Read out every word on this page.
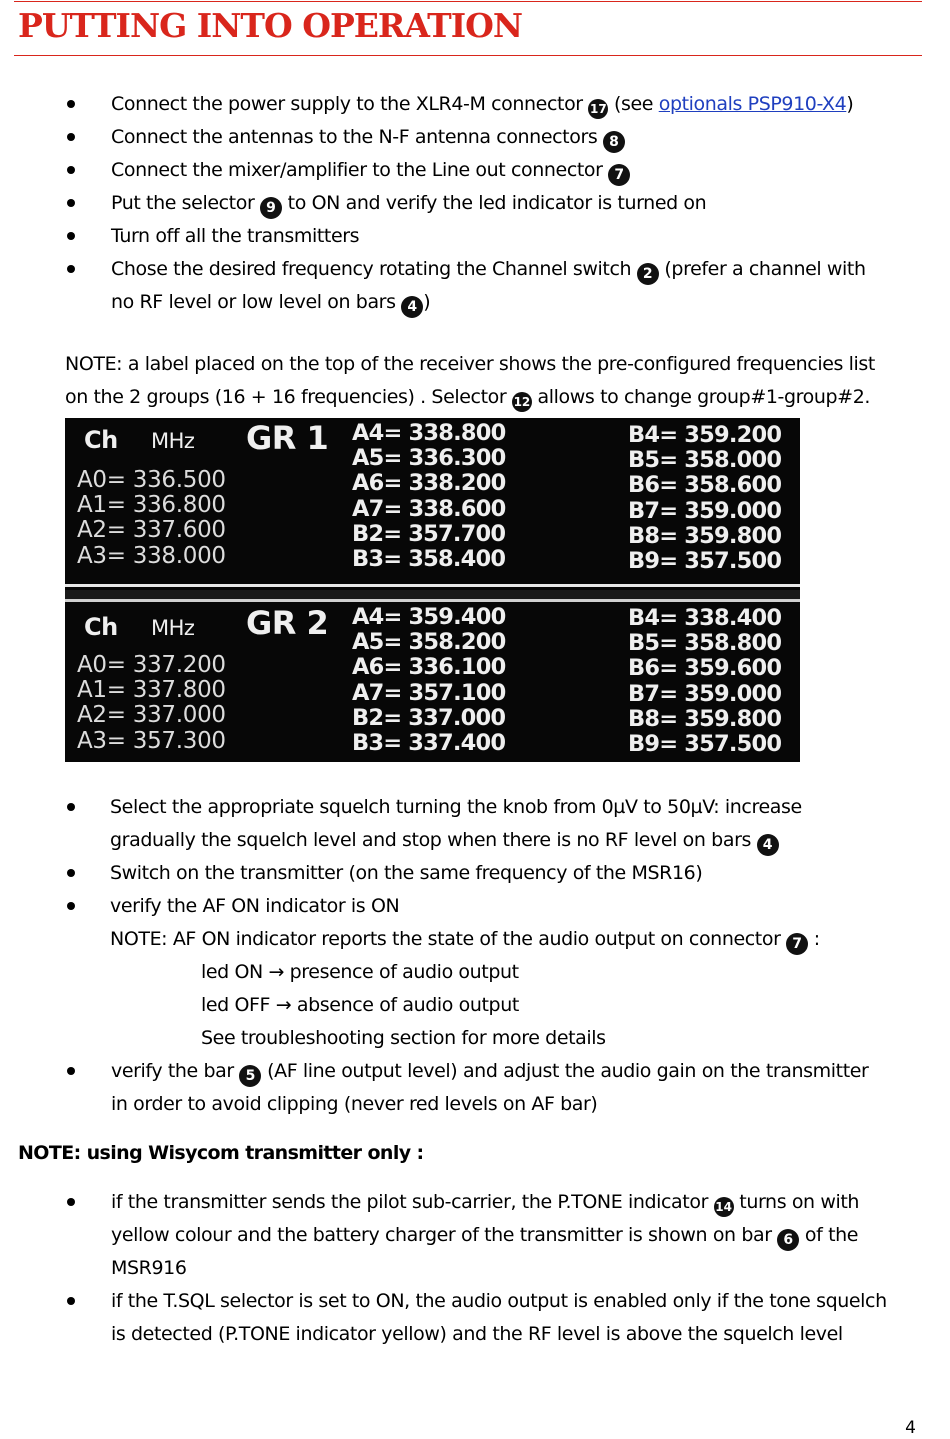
PUTTING INTO OPERATION
Connect the power supply to the XLR4-M connector 17 (see optionals PSP910-X4)
Connect the antennas to the N-F antenna connectors 8
Connect the mixer/amplifier to the Line out connector 7
Put the selector 9 to ON and verify the led indicator is turned on
Turn off all the transmitters
Chose the desired frequency rotating the Channel switch 2 (prefer a channel with
no RF level or low level on bars 4 )
NOTE: a label placed on the top of the receiver shows the pre-configured frequencies list
on the 2 groups (16 + 16 frequencies) . Selector 12 allows to change group#1-group#2.
Ch MHz GR 1
A0= 336.500
A1= 336.800
A2= 337.600
A3= 338.000
A4= 338.800
A5= 336.300
A6= 338.200
A7= 338.600
B2= 357.700
B3= 358.400
B4= 359.200
B5= 358.000
B6= 358.600
B7= 359.000
B8= 359.800
B9= 357.500
Ch MHz GR 2
A0= 337.200
A1= 337.800
A2= 337.000
A3= 357.300
A4= 359.400
A5= 358.200
A6= 336.100
A7= 357.100
B2= 337.000
B3= 337.400
B4= 338.400
B5= 358.800
B6= 359.600
B7= 359.000
B8= 359.800
B9= 357.500
Select the appropriate squelch turning the knob from 0µV to 50µV: increase
gradually the squelch level and stop when there is no RF level on bars 4
Switch on the transmitter (on the same frequency of the MSR16)
verify the AF ON indicator is ON
NOTE: AF ON indicator reports the state of the audio output on connector 7 :
led ON → presence of audio output
led OFF → absence of audio output
See troubleshooting section for more details
verify the bar 5 (AF line output level) and adjust the audio gain on the transmitter
in order to avoid clipping (never red levels on AF bar)
NOTE: using Wisycom transmitter only :
if the transmitter sends the pilot sub-carrier, the P.TONE indicator 14 turns on with
yellow colour and the battery charger of the transmitter is shown on bar 6 of the
MSR916
if the T.SQL selector is set to ON, the audio output is enabled only if the tone squelch
is detected (P.TONE indicator yellow) and the RF level is above the squelch level
4
